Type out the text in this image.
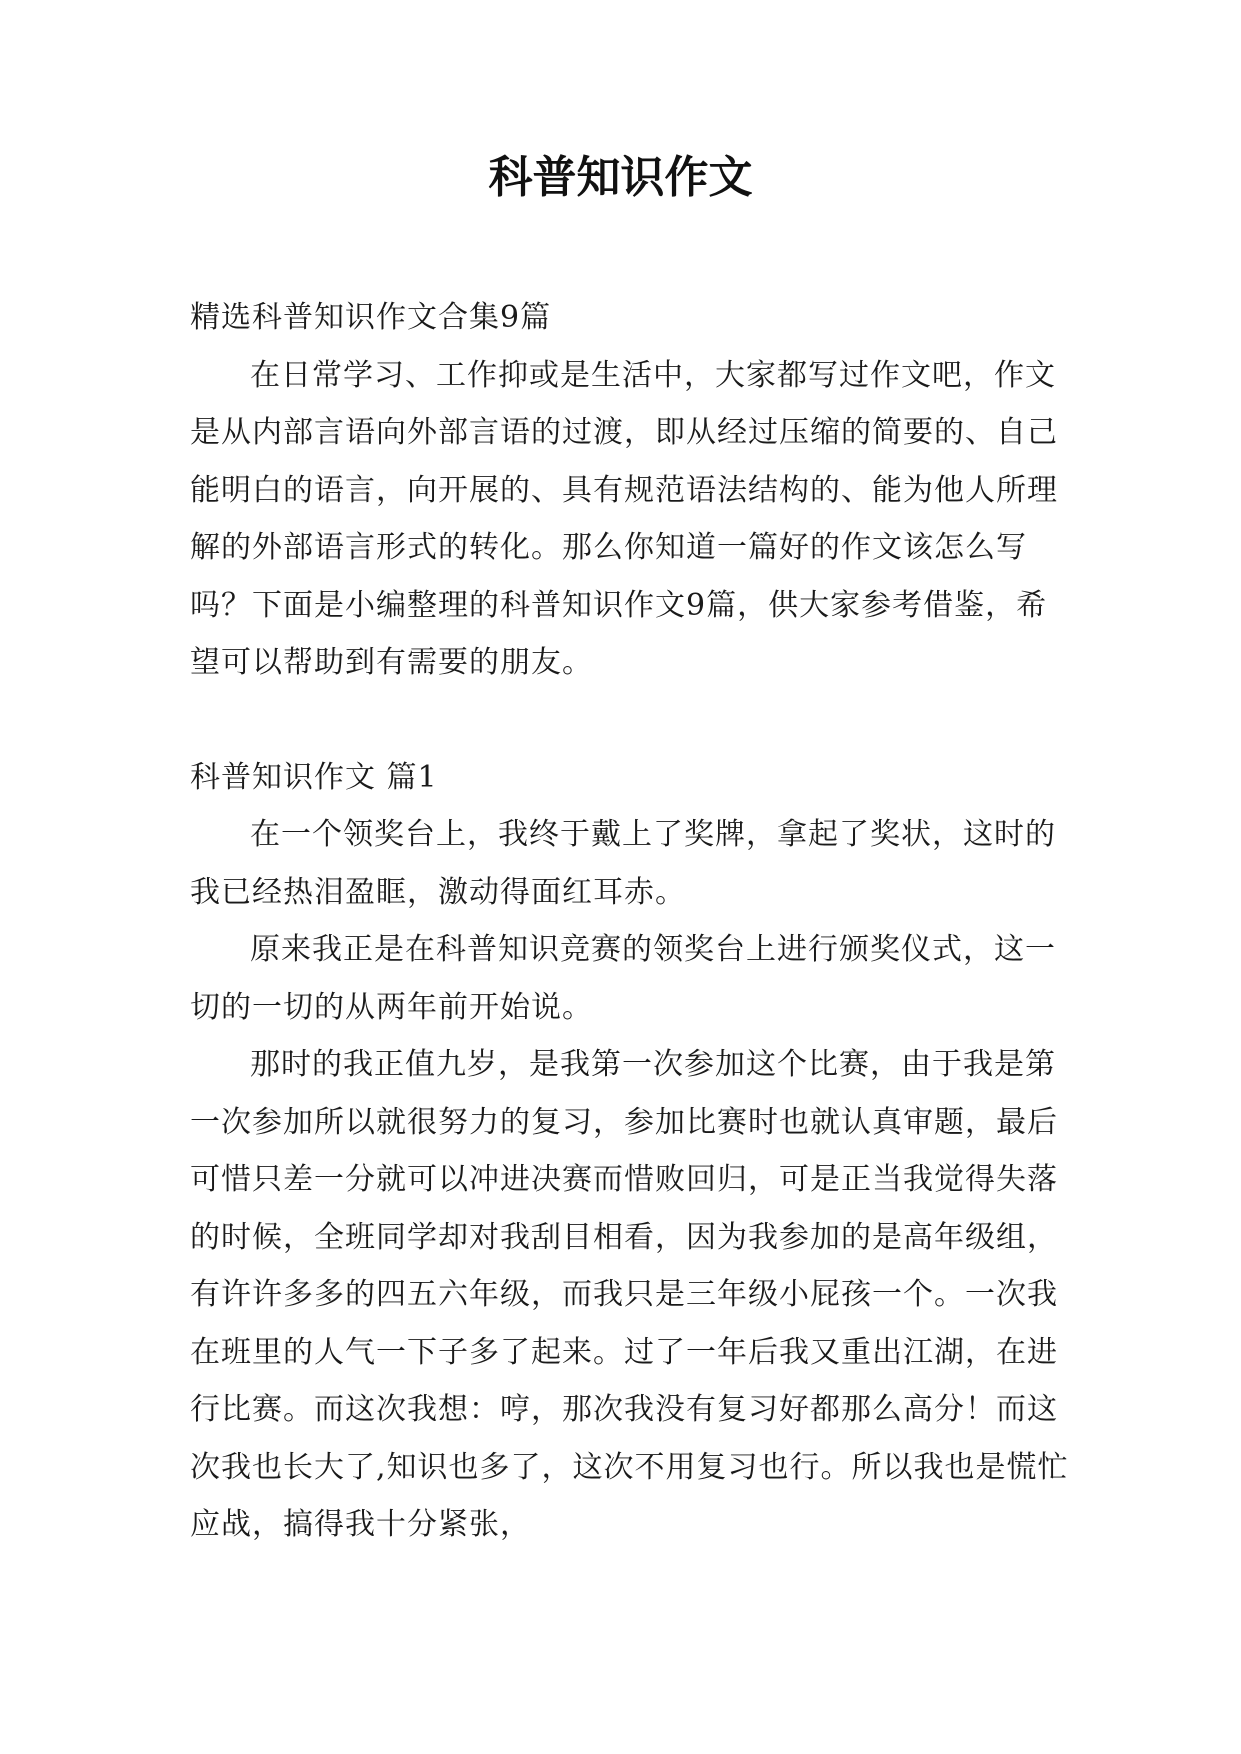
科普知识作文

精选科普知识作文合集9篇

在日常学习、工作抑或是生活中，大家都写过作文吧，作文是从内部言语向外部言语的过渡，即从经过压缩的简要的、自己能明白的语言，向开展的、具有规范语法结构的、能为他人所理解的外部语言形式的转化。那么你知道一篇好的作文该怎么写吗？下面是小编整理的科普知识作文9篇，供大家参考借鉴，希望可以帮助到有需要的朋友。

科普知识作文 篇1

在一个领奖台上，我终于戴上了奖牌，拿起了奖状，这时的我已经热泪盈眶，激动得面红耳赤。

原来我正是在科普知识竞赛的领奖台上进行颁奖仪式，这一切的一切的从两年前开始说。

那时的我正值九岁，是我第一次参加这个比赛，由于我是第一次参加所以就很努力的复习，参加比赛时也就认真审题，最后可惜只差一分就可以冲进决赛而惜败回归，可是正当我觉得失落的时候，全班同学却对我刮目相看，因为我参加的是高年级组，有许许多多的四五六年级，而我只是三年级小屁孩一个。一次我在班里的人气一下子多了起来。过了一年后我又重出江湖，在进行比赛。而这次我想：哼，那次我没有复习好都那么高分！而这次我也长大了,知识也多了，这次不用复习也行。所以我也是慌忙应战，搞得我十分紧张，
